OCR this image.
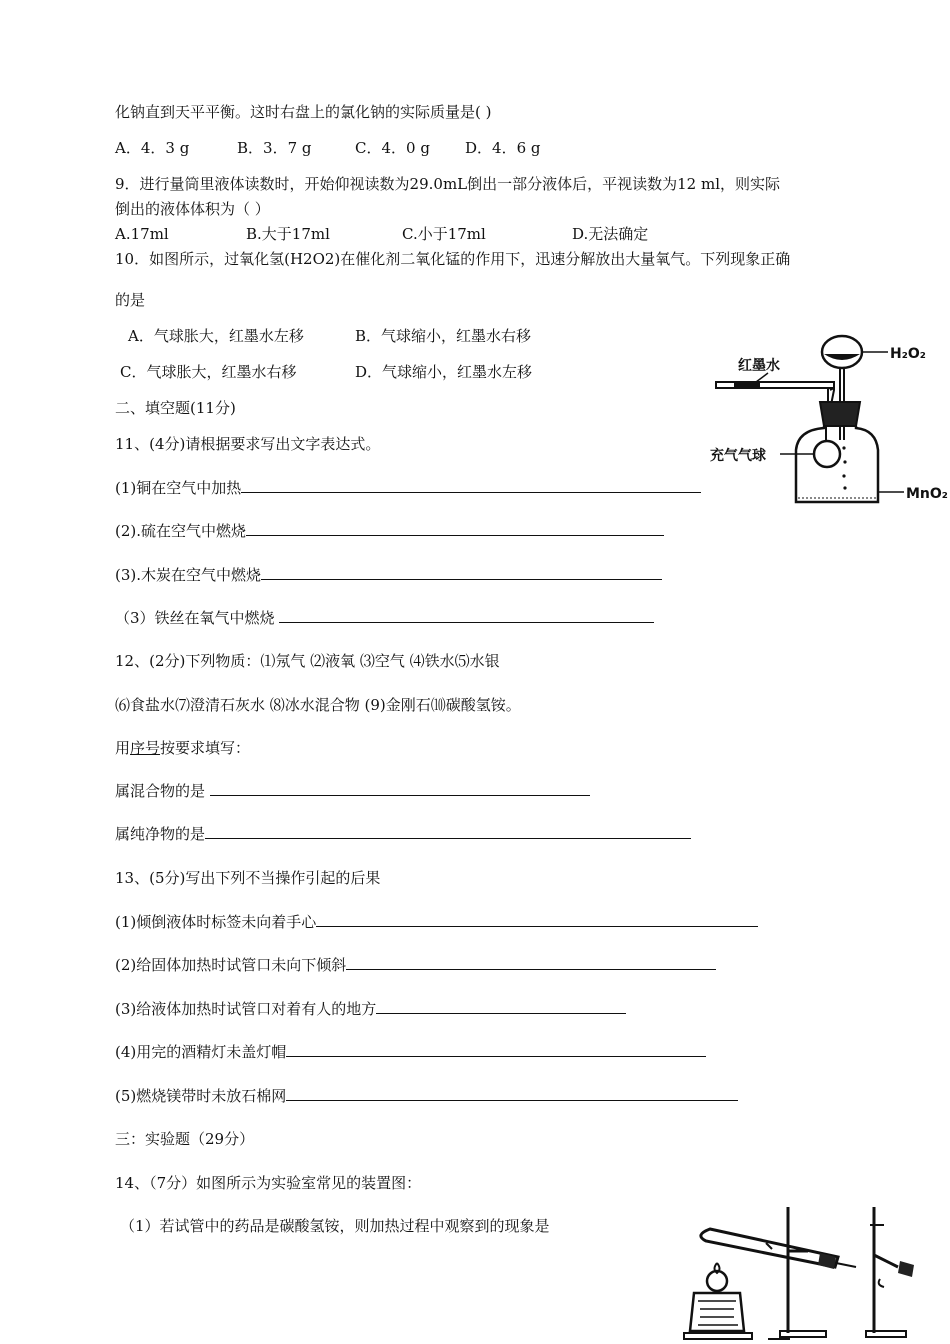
化钠直到天平平衡。这时右盘上的氯化钠的实际质量是( )
A．4．3 g	B．3．7 g	C．4．0 g D．4．6 g
9．进行量筒里液体读数时，开始仰视读数为29.0mL倒出一部分液体后，平视读数为12 ml，则实际
倒出的液体体积为（ ）
A.17ml	B.大于17ml	C.小于17ml	D.无法确定
10．如图所示，过氧化氢(H2O2)在催化剂二氧化锰的作用下，迅速分解放出大量氧气。下列现象正确
的是
A．气球胀大，红墨水左移	B．气球缩小，红墨水右移
C．气球胀大，红墨水右移	D．气球缩小，红墨水左移
H₂O₂
红墨水
充气气球
MnO₂
二、填空题(11分)
11、(4分)请根据要求写出文字表达式。
(1)铜在空气中加热
(2).硫在空气中燃烧
(3).木炭在空气中燃烧
（3）铁丝在氧气中燃烧
12、(2分)下列物质：⑴氖气 ⑵液氧 ⑶空气 ⑷铁水⑸水银
⑹食盐水⑺澄清石灰水 ⑻冰水混合物 (9)金刚石⑽碳酸氢铵。
用序号按要求填写：
属混合物的是
属纯净物的是
13、(5分)写出下列不当操作引起的后果
(1)倾倒液体时标签未向着手心
(2)给固体加热时试管口未向下倾斜
(3)给液体加热时试管口对着有人的地方
(4)用完的酒精灯未盖灯帽
(5)燃烧镁带时未放石棉网
三：实验题（29分）
14、（7分）如图所示为实验室常见的装置图：
（1）若试管中的药品是碳酸氢铵，则加热过程中观察到的现象是
